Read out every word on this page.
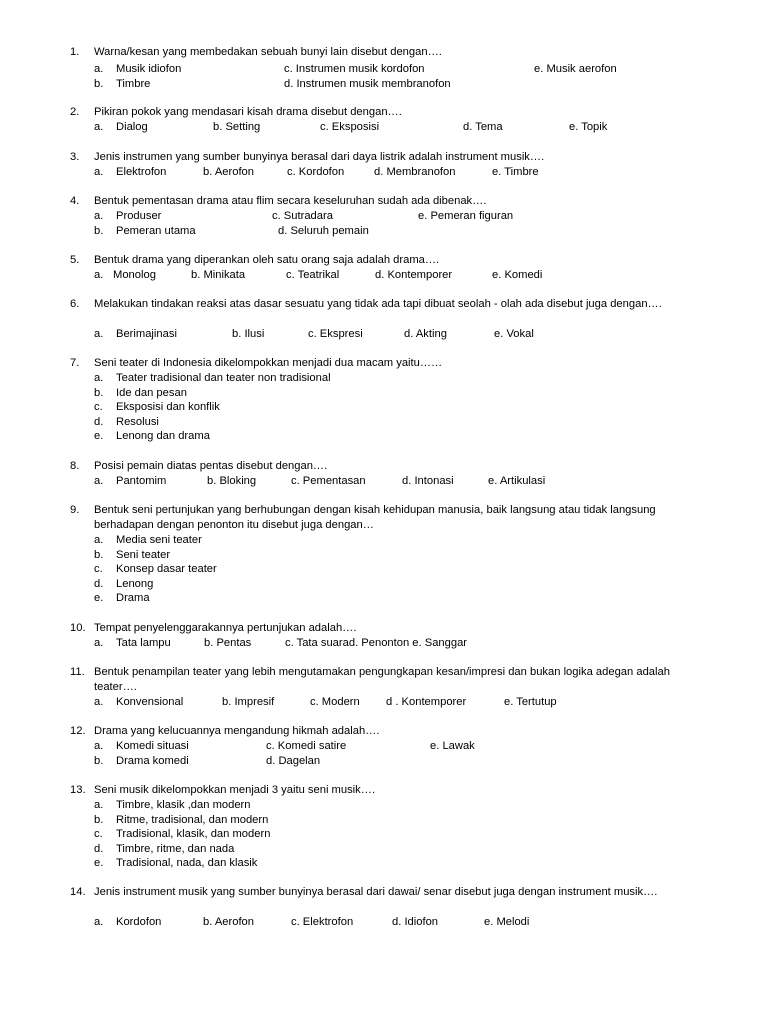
1. Warna/kesan yang membedakan sebuah bunyi lain disebut dengan….
a.	Musik idiofon	c. Instrumen musik kordofon	e. Musik aerofon
b.	Timbre	d. Instrumen musik membranofon
2. Pikiran pokok yang mendasari kisah drama disebut dengan….
a.	Dialog	b. Setting	c. Eksposisi	d. Tema	e. Topik
3. Jenis instrumen yang sumber bunyinya berasal dari daya listrik adalah instrument musik….
a.	Elektrofon	b. Aerofon	c. Kordofon	d. Membranofon	e. Timbre
4. Bentuk pementasan drama atau flim secara keseluruhan sudah ada dibenak….
a.	Produser	c. Sutradara	e. Pemeran figuran
b.	Pemeran utama	d. Seluruh pemain
5. Bentuk drama yang diperankan oleh satu orang saja adalah drama….
a. Monolog	b. Minikata	c. Teatrikal	d. Kontemporer	e. Komedi
6. Melakukan tindakan reaksi atas dasar sesuatu yang tidak ada tapi dibuat seolah - olah ada disebut juga dengan….
a.	Berimajinasi	b. Ilusi	c. Ekspresi	d. Akting	e. Vokal
7. Seni teater di Indonesia dikelompokkan menjadi dua macam yaitu……
a.	Teater tradisional dan teater non tradisional
b.	Ide dan pesan
c.	Eksposisi dan konflik
d.	Resolusi
e.	Lenong dan drama
8. Posisi pemain diatas pentas disebut dengan….
a.	Pantomim	b. Bloking	c. Pementasan	d. Intonasi	e. Artikulasi
9. Bentuk seni pertunjukan yang berhubungan dengan kisah kehidupan manusia, baik langsung atau tidak langsung berhadapan dengan penonton itu disebut juga dengan…
a.	Media seni teater
b.	Seni teater
c.	Konsep dasar teater
d.	Lenong
e.	Drama
10. Tempat penyelenggarakannya pertunjukan adalah….
a.	Tata lampu	b. Pentas	c. Tata suarad. Penonton e. Sanggar
11. Bentuk penampilan teater yang lebih mengutamakan pengungkapan kesan/impresi dan bukan logika adegan adalah teater….
a.	Konvensional	b. Impresif	c. Modern d . Kontemporer	e. Tertutup
12. Drama yang kelucuannya mengandung hikmah adalah….
a.	Komedi situasi	c. Komedi satire	e. Lawak
b.	Drama komedi	d. Dagelan
13. Seni musik dikelompokkan menjadi 3 yaitu seni musik….
a.	Timbre, klasik ,dan modern
b.	Ritme, tradisional, dan modern
c.	Tradisional, klasik, dan modern
d.	Timbre, ritme, dan nada
e.	Tradisional, nada, dan klasik
14. Jenis instrument musik yang sumber bunyinya berasal dari dawai/ senar disebut juga dengan instrument musik….
a.	Kordofon	b. Aerofon	c. Elektrofon	d. Idiofon	e. Melodi
